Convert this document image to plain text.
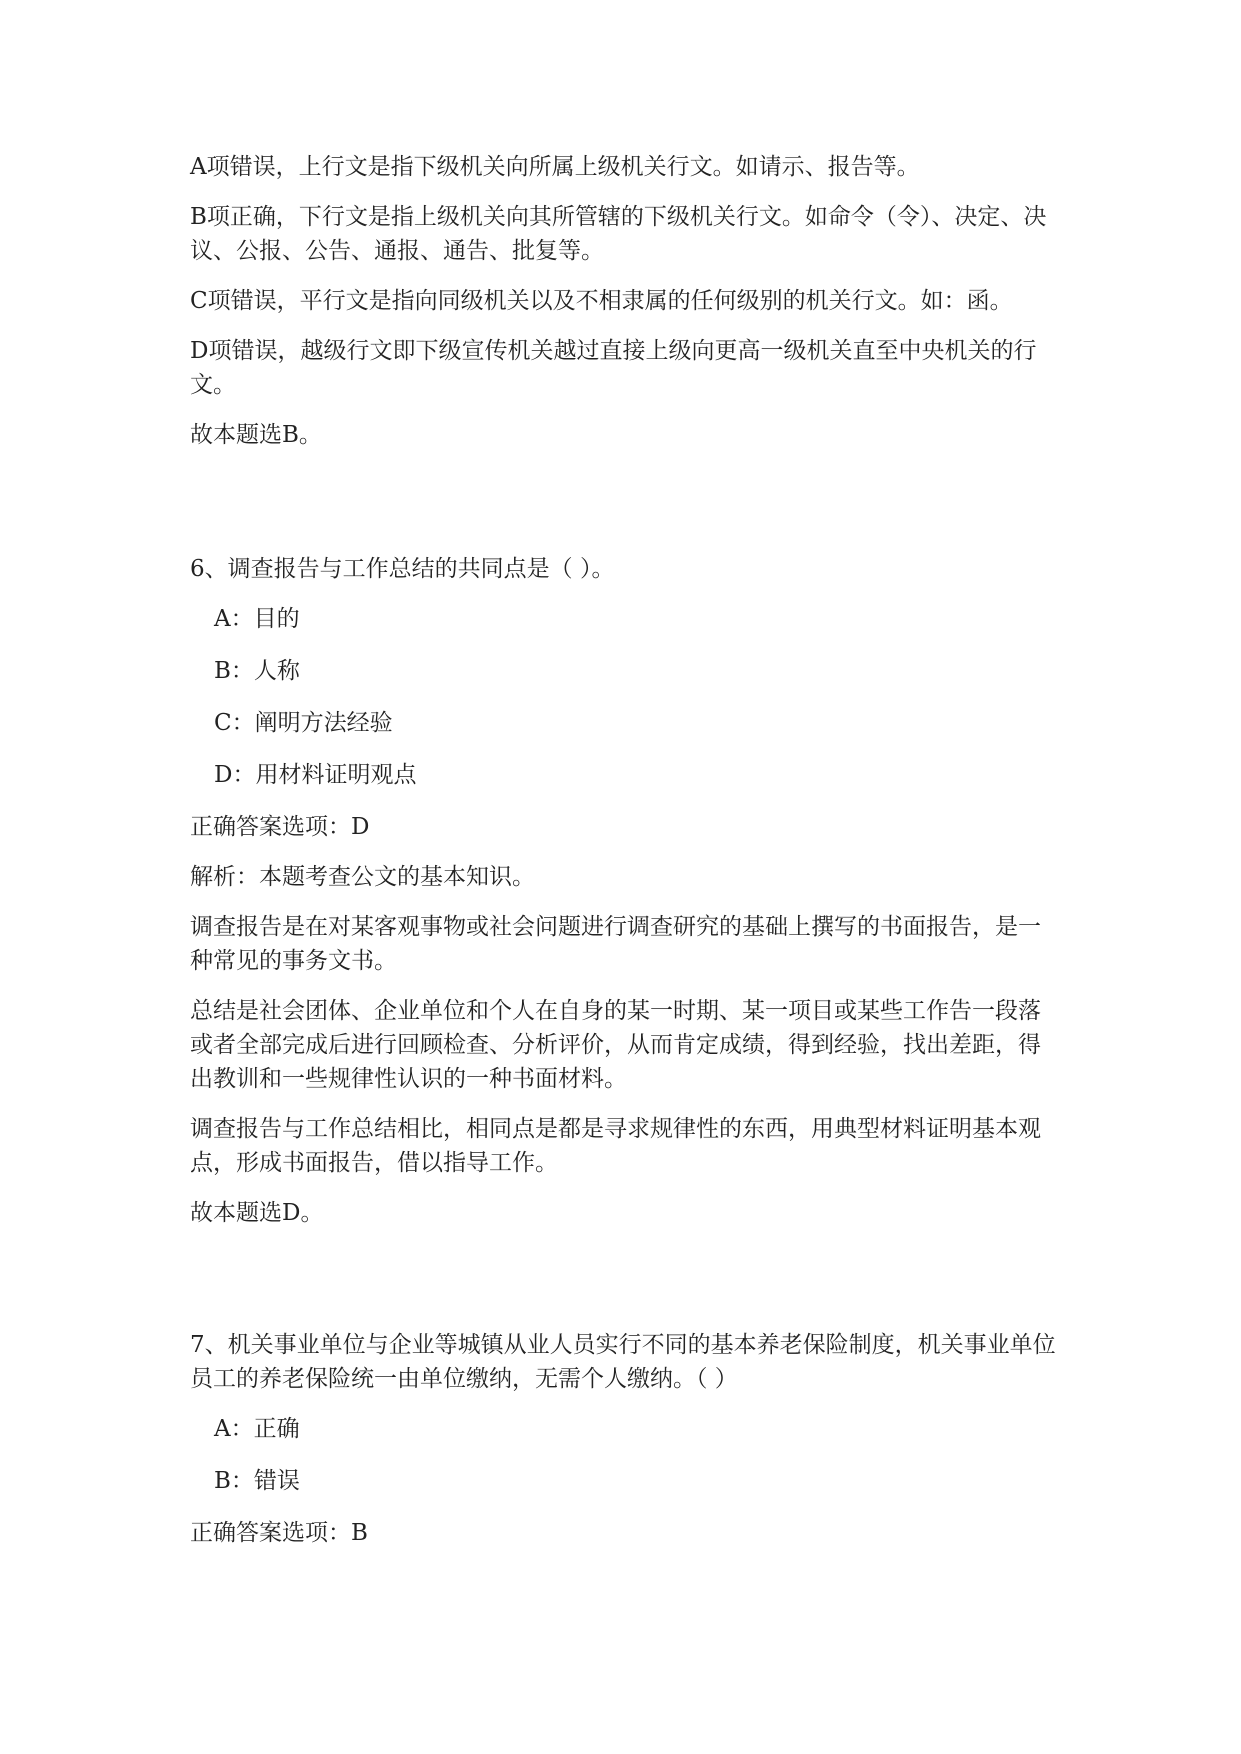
A项错误，上行文是指下级机关向所属上级机关行文。如请示、报告等。

B项正确，下行文是指上级机关向其所管辖的下级机关行文。如命令（令）、决定、决议、公报、公告、通报、通告、批复等。

C项错误，平行文是指向同级机关以及不相隶属的任何级别的机关行文。如：函。

D项错误，越级行文即下级宣传机关越过直接上级向更高一级机关直至中央机关的行文。

故本题选B。

6、调查报告与工作总结的共同点是（ ）。

A：目的

B：人称

C：阐明方法经验

D：用材料证明观点

正确答案选项：D

解析：本题考查公文的基本知识。

调查报告是在对某客观事物或社会问题进行调查研究的基础上撰写的书面报告，是一种常见的事务文书。

总结是社会团体、企业单位和个人在自身的某一时期、某一项目或某些工作告一段落或者全部完成后进行回顾检查、分析评价，从而肯定成绩，得到经验，找出差距，得出教训和一些规律性认识的一种书面材料。

调查报告与工作总结相比，相同点是都是寻求规律性的东西，用典型材料证明基本观点，形成书面报告，借以指导工作。

故本题选D。

7、机关事业单位与企业等城镇从业人员实行不同的基本养老保险制度，机关事业单位员工的养老保险统一由单位缴纳，无需个人缴纳。（ ）

A：正确

B：错误

正确答案选项：B
